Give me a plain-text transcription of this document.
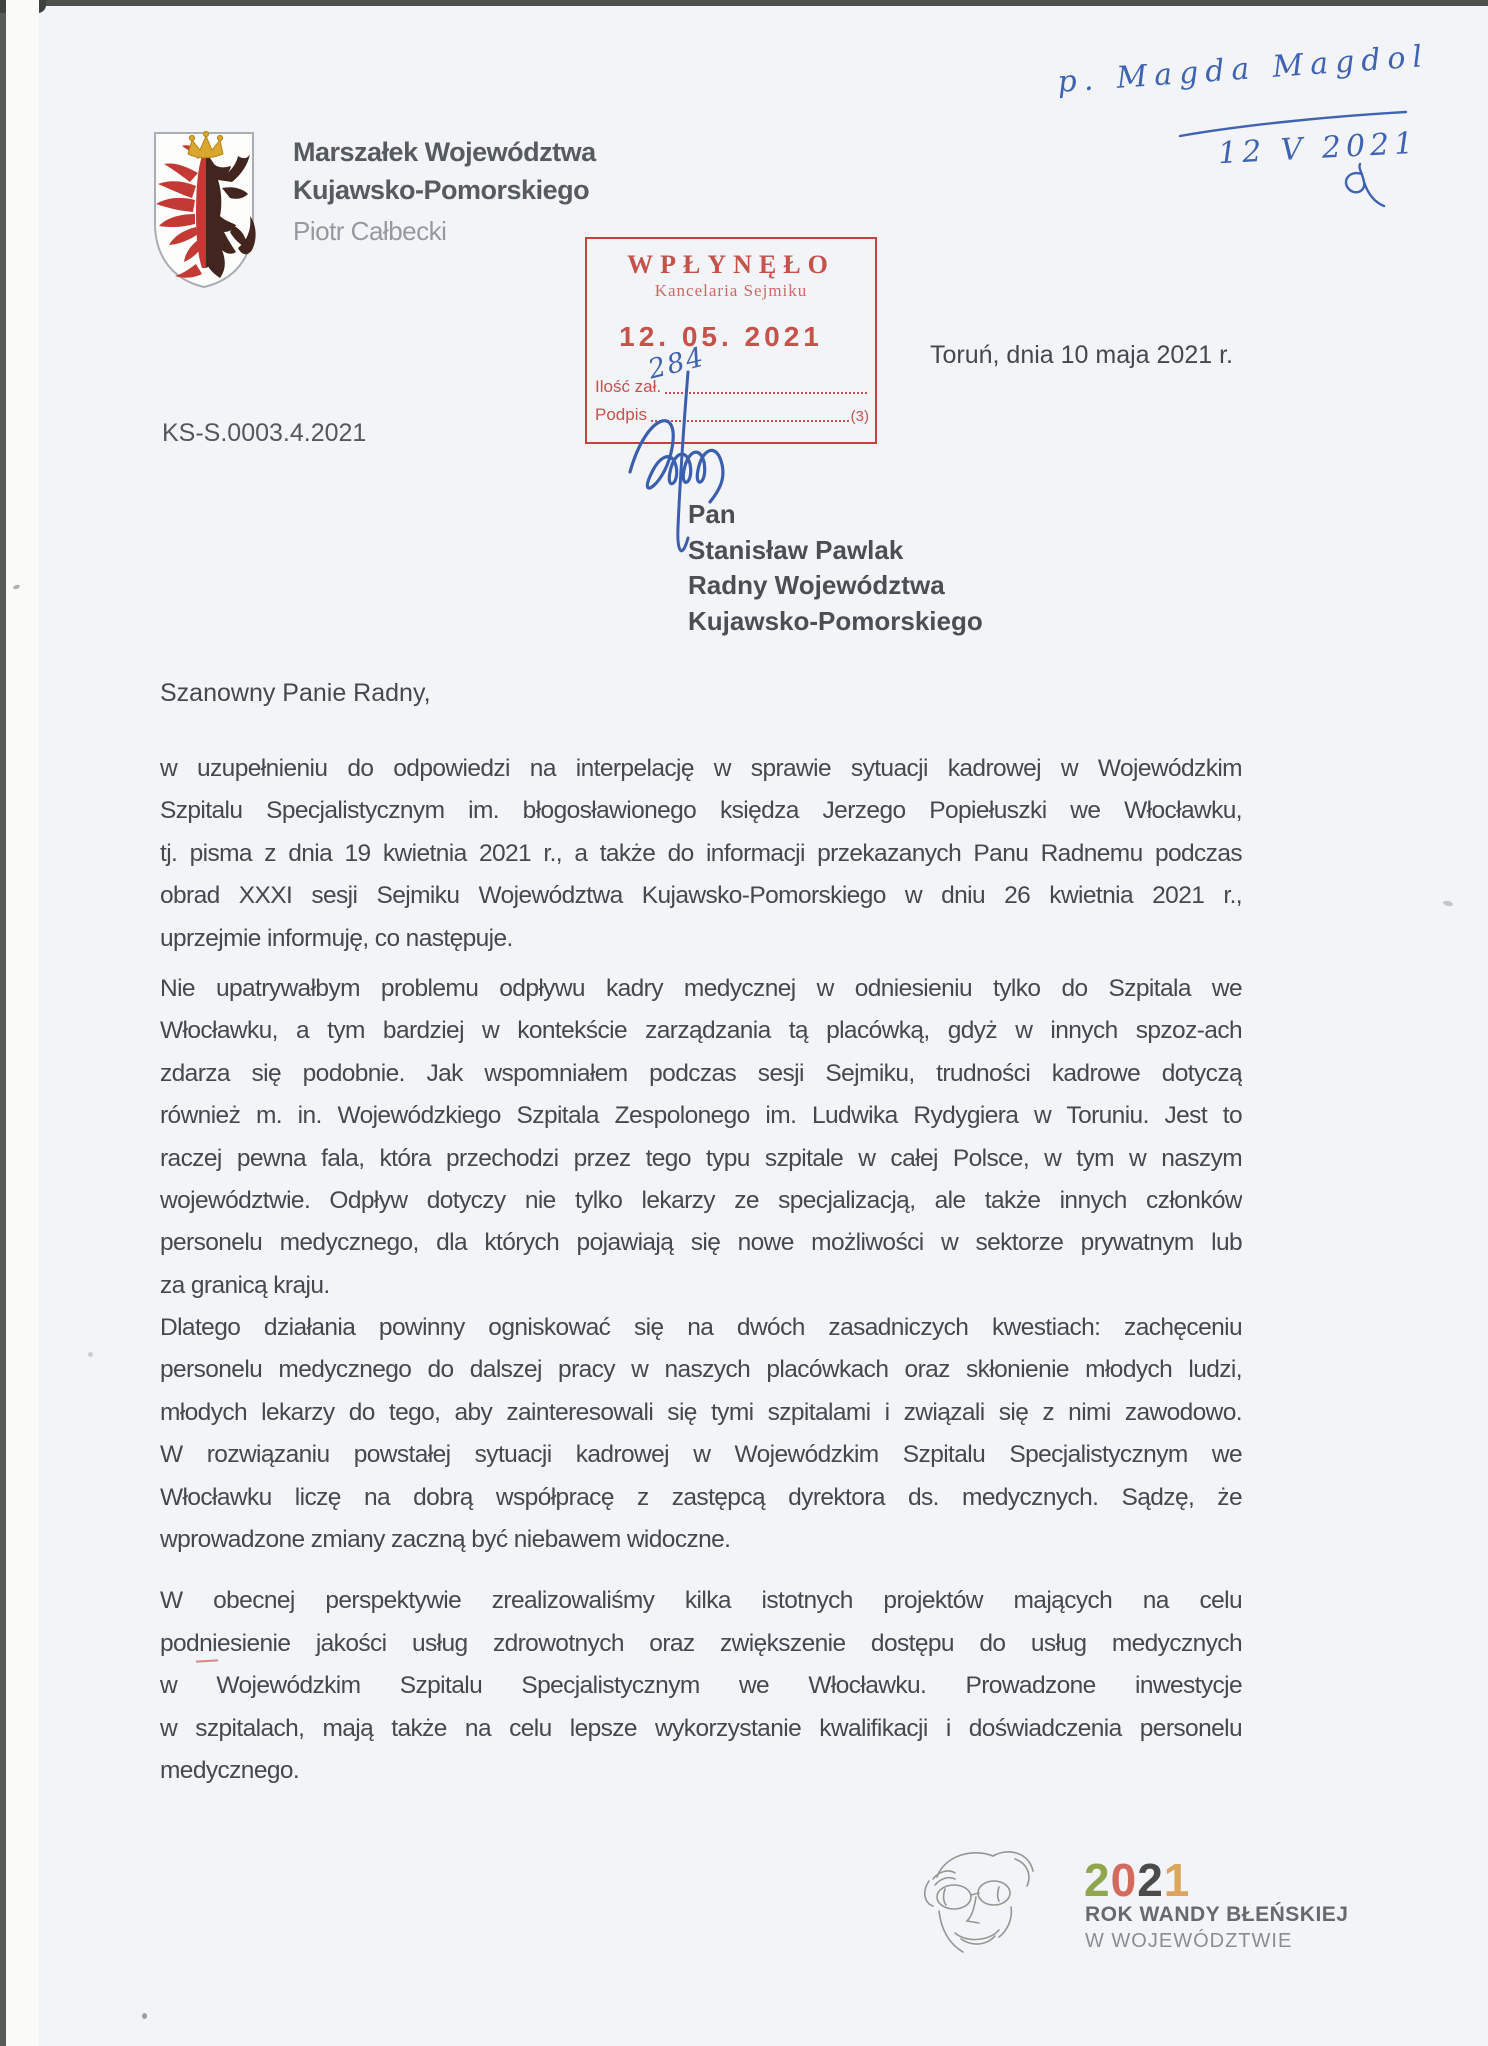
Marszałek Województwa
Kujawsko-Pomorskiego
Piotr Całbecki
p. Magda Magdol
12 V 2021
WPŁYNĘŁO
Kancelaria Sejmiku
12. 05. 2021
Ilość zał.
Podpis	(3)
284	Toruń, dnia 10 maja 2021 r.
KS-S.0003.4.2021
Pan
Stanisław Pawlak
Radny Województwa
Kujawsko-Pomorskiego
Szanowny Panie Radny,
w uzupełnieniu do odpowiedzi na interpelację w sprawie sytuacji kadrowej w Wojewódzkim
Szpitalu Specjalistycznym im. błogosławionego księdza Jerzego Popiełuszki we Włocławku,
tj. pisma z dnia 19 kwietnia 2021 r., a także do informacji przekazanych Panu Radnemu podczas
obrad XXXI sesji Sejmiku Województwa Kujawsko-Pomorskiego w dniu 26 kwietnia 2021 r.,
uprzejmie informuję, co następuje.
Nie upatrywałbym problemu odpływu kadry medycznej w odniesieniu tylko do Szpitala we
Włocławku, a tym bardziej w kontekście zarządzania tą placówką, gdyż w innych spzoz-ach
zdarza się podobnie. Jak wspomniałem podczas sesji Sejmiku, trudności kadrowe dotyczą
również m. in. Wojewódzkiego Szpitala Zespolonego im. Ludwika Rydygiera w Toruniu. Jest to
raczej pewna fala, która przechodzi przez tego typu szpitale w całej Polsce, w tym w naszym
województwie. Odpływ dotyczy nie tylko lekarzy ze specjalizacją, ale także innych członków
personelu medycznego, dla których pojawiają się nowe możliwości w sektorze prywatnym lub
za granicą kraju.
Dlatego działania powinny ogniskować się na dwóch zasadniczych kwestiach: zachęceniu
personelu medycznego do dalszej pracy w naszych placówkach oraz skłonienie młodych ludzi,
młodych lekarzy do tego, aby zainteresowali się tymi szpitalami i związali się z nimi zawodowo.
W rozwiązaniu powstałej sytuacji kadrowej w Wojewódzkim Szpitalu Specjalistycznym we
Włocławku liczę na dobrą współpracę z zastępcą dyrektora ds. medycznych. Sądzę, że
wprowadzone zmiany zaczną być niebawem widoczne.
W obecnej perspektywie zrealizowaliśmy kilka istotnych projektów mających na celu
podniesienie jakości usług zdrowotnych oraz zwiększenie dostępu do usług medycznych
w Wojewódzkim Szpitalu Specjalistycznym we Włocławku. Prowadzone inwestycje
w szpitalach, mają także na celu lepsze wykorzystanie kwalifikacji i doświadczenia personelu
medycznego.
2021
ROK WANDY BŁEŃSKIEJ
W WOJEWÓDZTWIE
